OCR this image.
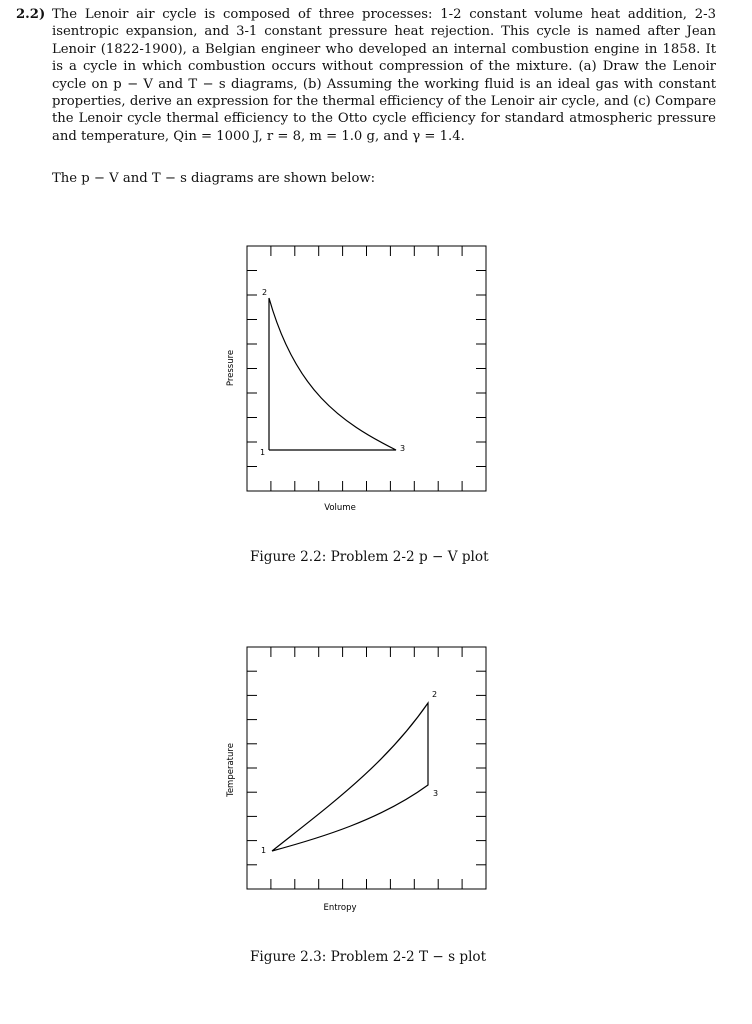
2.2) The Lenoir air cycle is composed of three processes: 1-2 constant volume heat addition, 2-3 isentropic expansion, and 3-1 constant pressure heat rejection. This cycle is named after Jean Lenoir (1822-1900), a Belgian engineer who developed an internal combustion engine in 1858. It is a cycle in which combustion occurs without compression of the mixture. (a) Draw the Lenoir cycle on p − V and T − s diagrams, (b) Assuming the working fluid is an ideal gas with constant properties, derive an expression for the thermal efficiency of the Lenoir air cycle, and (c) Compare the Lenoir cycle thermal efficiency to the Otto cycle efficiency for standard atmospheric pressure and temperature, Qin = 1000 J, r = 8, m = 1.0 g, and γ = 1.4.
The p − V and T − s diagrams are shown below:
2
1	3
Volume
Pressure
2
1
3
Entropy
Temperature
Figure 2.2: Problem 2-2 p − V plot
Figure 2.3: Problem 2-2 T − s plot
